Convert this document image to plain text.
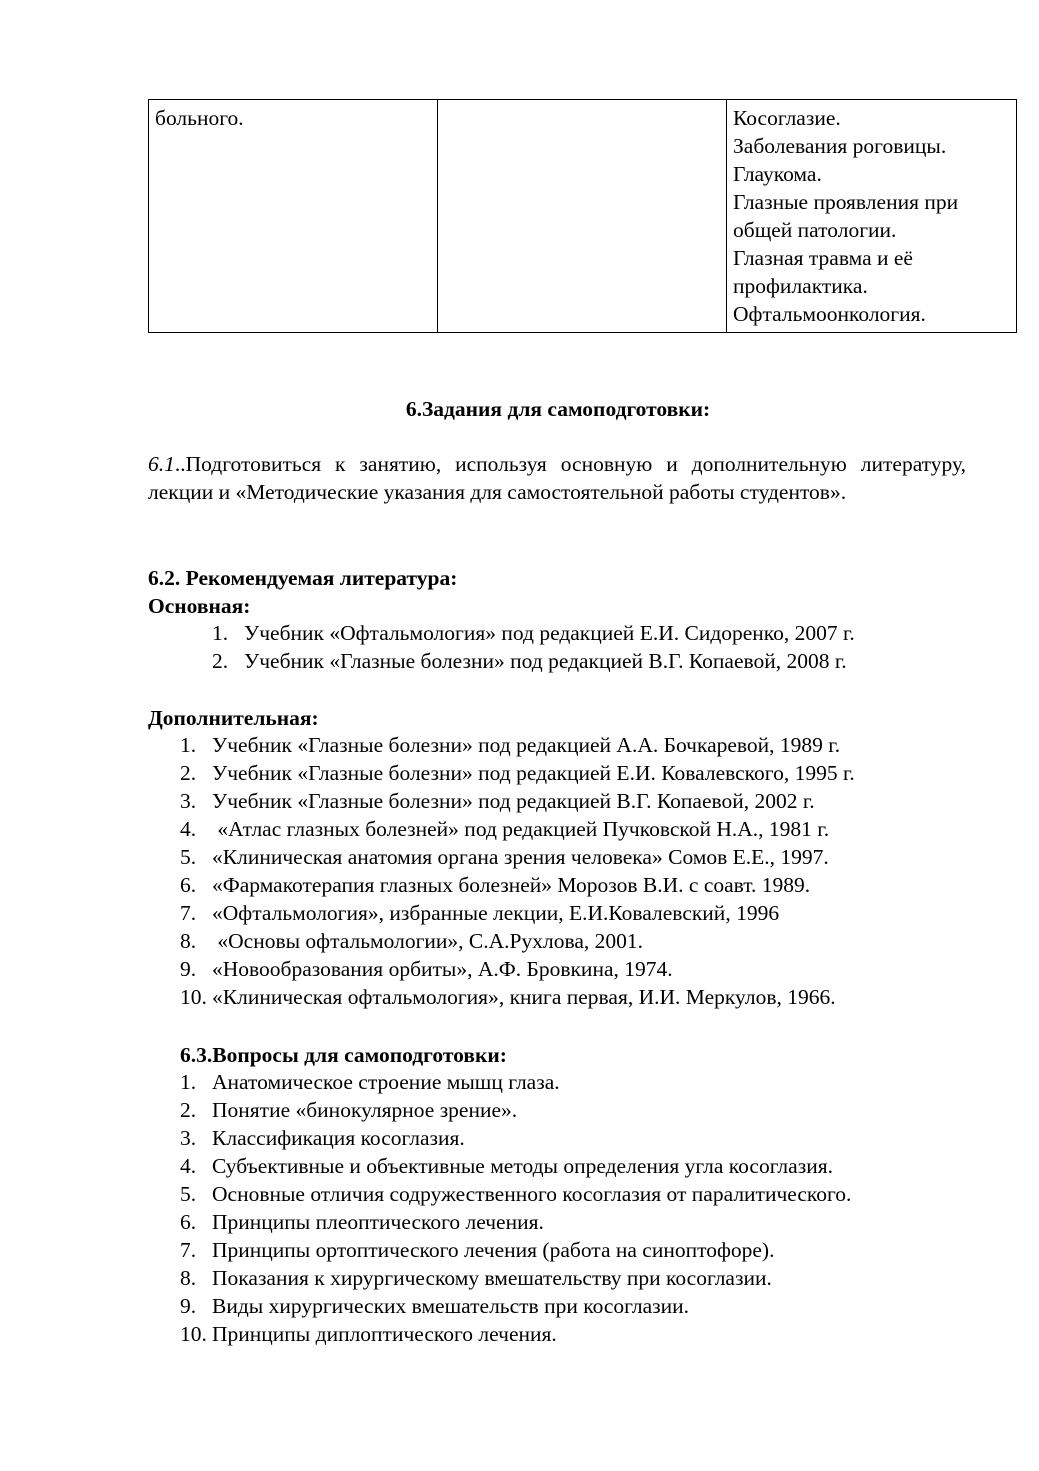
больного.		Косоглазие.
Заболевания роговицы.
Глаукома.
Глазные проявления при
общей патологии.
Глазная травма и её
профилактика.
Офтальмоонкология.
6.Задания для самоподготовки:
6.1..Подготовиться к занятию, используя основную и дополнительную литературу, лекции и «Методические указания для самостоятельной работы студентов».
6.2. Рекомендуемая литература:
Основная:
1. Учебник «Офтальмология» под редакцией Е.И. Сидоренко, 2007 г.
2. Учебник «Глазные болезни» под редакцией В.Г. Копаевой, 2008 г.
Дополнительная:
1. Учебник «Глазные болезни» под редакцией А.А. Бочкаревой, 1989 г.
2. Учебник «Глазные болезни» под редакцией Е.И. Ковалевского, 1995 г.
3. Учебник «Глазные болезни» под редакцией В.Г. Копаевой, 2002 г.
4. «Атлас глазных болезней» под редакцией Пучковской Н.А., 1981 г.
5. «Клиническая анатомия органа зрения человека» Сомов Е.Е., 1997.
6. «Фармакотерапия глазных болезней» Морозов В.И. с соавт. 1989.
7. «Офтальмология», избранные лекции, Е.И.Ковалевский, 1996
8. «Основы офтальмологии», С.А.Рухлова, 2001.
9. «Новообразования орбиты», А.Ф. Бровкина, 1974.
10. «Клиническая офтальмология», книга первая, И.И. Меркулов, 1966.
6.3.Вопросы для самоподготовки:
1. Анатомическое строение мышц глаза.
2. Понятие «бинокулярное зрение».
3. Классификация косоглазия.
4. Субъективные и объективные методы определения угла косоглазия.
5. Основные отличия содружественного косоглазия от паралитического.
6. Принципы плеоптического лечения.
7. Принципы ортоптического лечения (работа на синоптофоре).
8. Показания к хирургическому вмешательству при косоглазии.
9. Виды хирургических вмешательств при косоглазии.
10. Принципы диплоптического лечения.
